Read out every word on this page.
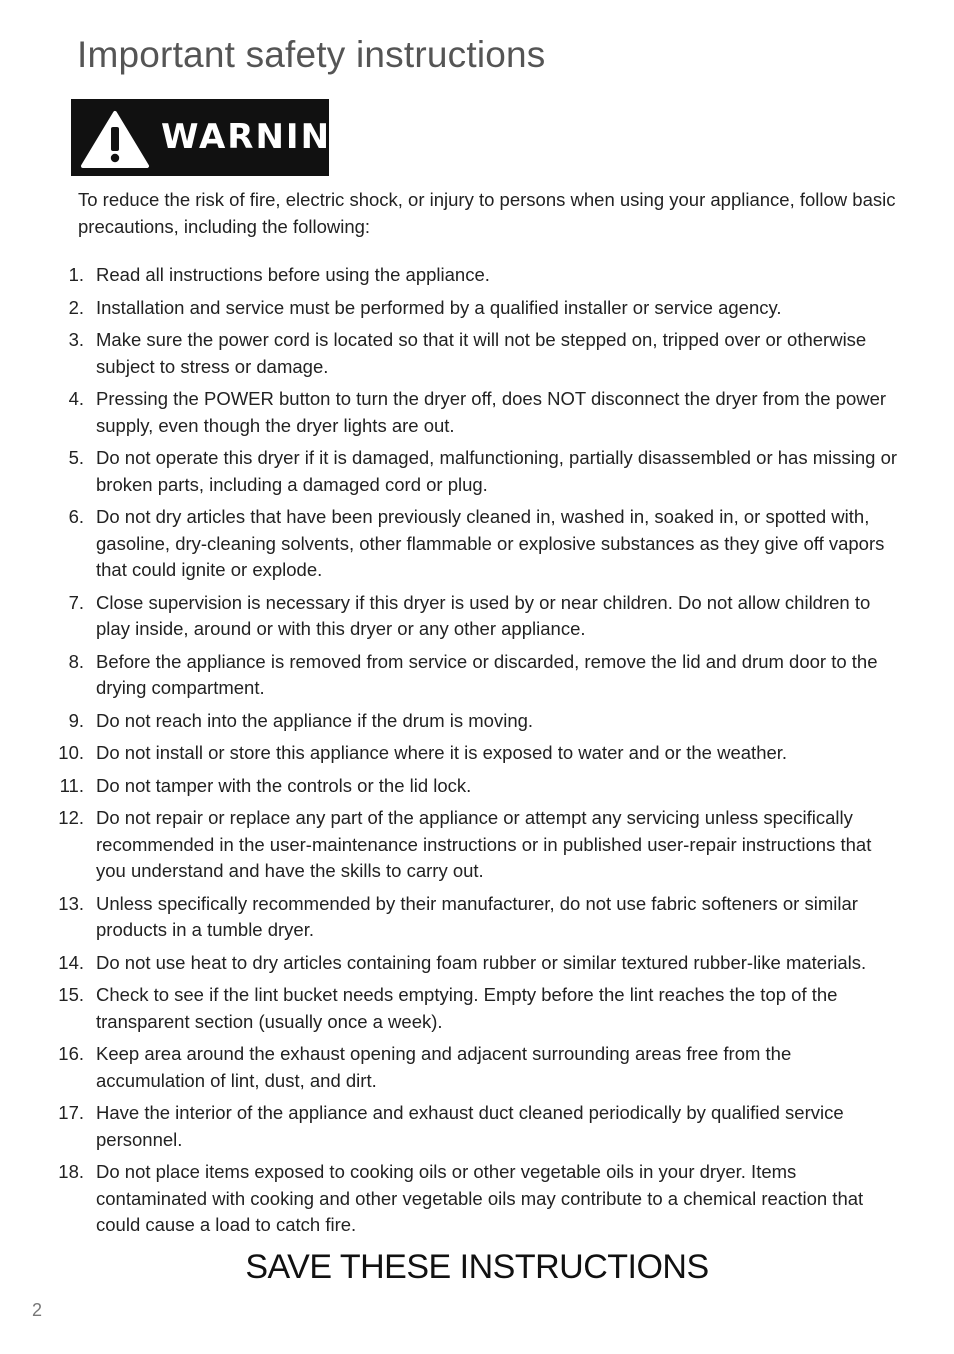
Important safety instructions
WARNING

To reduce the risk of fire, electric shock, or injury to persons when using your appliance, follow basic precautions, including the following:

1. Read all instructions before using the appliance.
2. Installation and service must be performed by a qualified installer or service agency.
3. Make sure the power cord is located so that it will not be stepped on, tripped over or otherwise subject to stress or damage.
4. Pressing the POWER button to turn the dryer off, does NOT disconnect the dryer from the power supply, even though the dryer lights are out.
5. Do not operate this dryer if it is damaged, malfunctioning, partially disassembled or has missing or broken parts, including a damaged cord or plug.
6. Do not dry articles that have been previously cleaned in, washed in, soaked in, or spotted with, gasoline, dry-cleaning solvents, other flammable or explosive substances as they give off vapors that could ignite or explode.
7. Close supervision is necessary if this dryer is used by or near children. Do not allow children to play inside, around or with this dryer or any other appliance.
8. Before the appliance is removed from service or discarded, remove the lid and drum door to the drying compartment.
9. Do not reach into the appliance if the drum is moving.
10. Do not install or store this appliance where it is exposed to water and or the weather.
11. Do not tamper with the controls or the lid lock.
12. Do not repair or replace any part of the appliance or attempt any servicing unless specifically recommended in the user-maintenance instructions or in published user-repair instructions that you understand and have the skills to carry out.
13. Unless specifically recommended by their manufacturer, do not use fabric softeners or similar products in a tumble dryer.
14. Do not use heat to dry articles containing foam rubber or similar textured rubber-like materials.
15. Check to see if the lint bucket needs emptying. Empty before the lint reaches the top of the transparent section (usually once a week).
16. Keep area around the exhaust opening and adjacent surrounding areas free from the accumulation of lint, dust, and dirt.
17. Have the interior of the appliance and exhaust duct cleaned periodically by qualified service personnel.
18. Do not place items exposed to cooking oils or other vegetable oils in your dryer. Items contaminated with cooking and other vegetable oils may contribute to a chemical reaction that could cause a load to catch fire.
SAVE THESE INSTRUCTIONS
2
